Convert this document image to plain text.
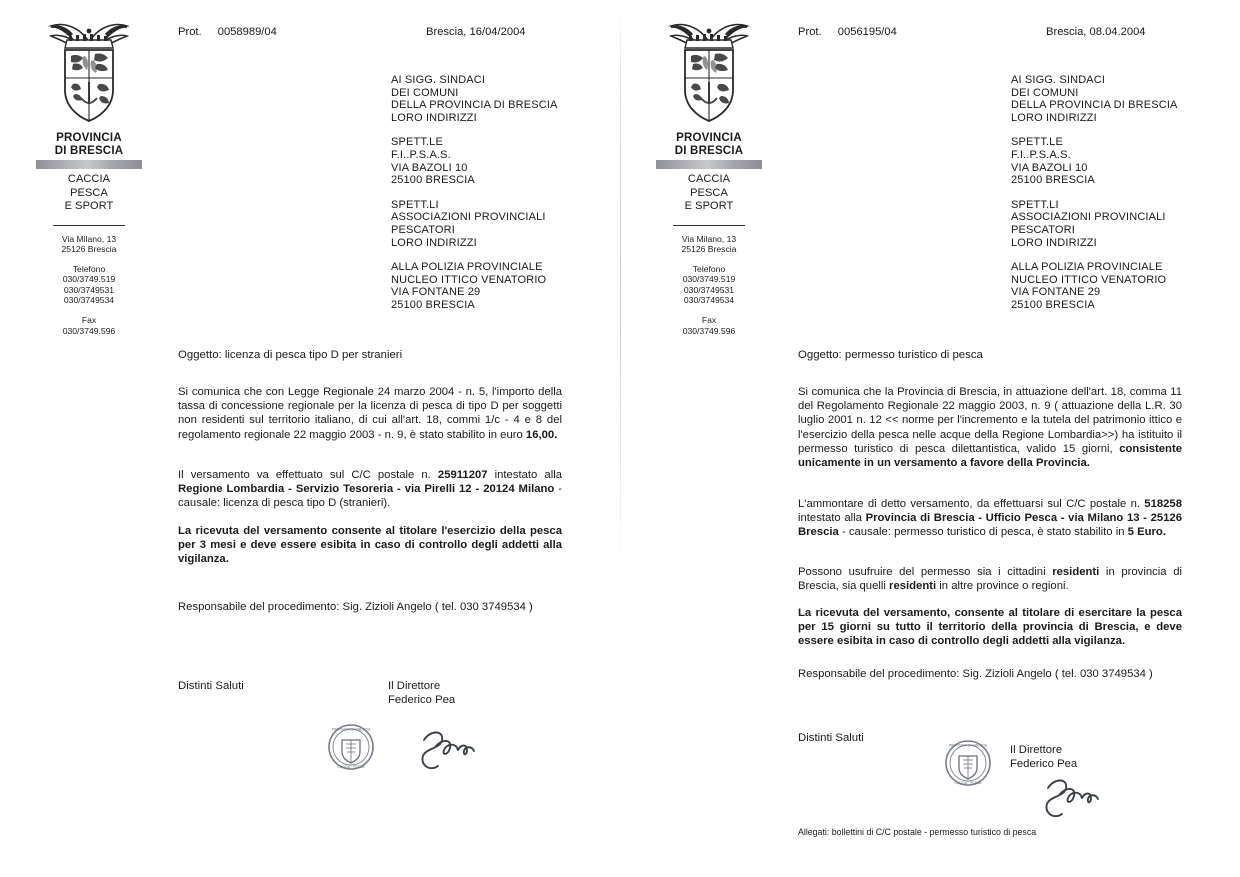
PROVINCIA
DI BRESCIA
CACCIA
PESCA
E SPORT
Via Milano, 13
25126 Brescia
Telefono
030/3749.519
030/3749531
030/3749534
Fax
030/3749.596
Prot. 0058989/04	Brescia, 16/04/2004
AI SIGG. SINDACI
DEI COMUNI
DELLA PROVINCIA DI BRESCIA
LORO INDIRIZZI
SPETT.LE
F.I..P.S.A.S.
VIA BAZOLI 10
25100 BRESCIA
SPETT.LI
ASSOCIAZIONI PROVINCIALI
PESCATORI
LORO INDIRIZZI
ALLA POLIZIA PROVINCIALE
NUCLEO ITTICO VENATORIO
VIA FONTANE 29
25100 BRESCIA
Oggetto: licenza di pesca tipo D per stranieri
Si comunica che con Legge Regionale 24 marzo 2004 - n. 5, l'importo della tassa di concessione regionale per la licenza di pesca di tipo D per soggetti non residenti sul territorio italiano, di cui all'art. 18, commi 1/c - 4 e 8 del regolamento regionale 22 maggio 2003 - n. 9, è stato stabilito in euro 16,00.
Il versamento va effettuato sul C/C postale n. 25911207 intestato alla Regione Lombardia - Servizio Tesoreria - via Pirelli 12 - 20124 Milano - causale: licenza di pesca tipo D (stranieri).
La ricevuta del versamento consente al titolare l'esercizio della pesca per 3 mesi e deve essere esibita in caso di controllo degli addetti alla vigilanza.
Responsabile del procedimento: Sig. Zizioli Angelo ( tel. 030 3749534 )
Distinti Saluti	Il Direttore
Federico Pea
PROVINCIA DI BRESCIA
CACCIA · PESCA
PROVINCIA
DI BRESCIA
CACCIA
PESCA
E SPORT
Via Milano, 13
25126 Brescia
Telefono
030/3749.519
030/3749531
030/3749534
Fax
030/3749.596
Prot. 0056195/04	Brescia, 08.04.2004
AI SIGG. SINDACI
DEI COMUNI
DELLA PROVINCIA DI BRESCIA
LORO INDIRIZZI
SPETT.LE
F.I..P.S.A.S.
VIA BAZOLI 10
25100 BRESCIA
SPETT.LI
ASSOCIAZIONI PROVINCIALI
PESCATORI
LORO INDIRIZZI
ALLA POLIZIA PROVINCIALE
NUCLEO ITTICO VENATORIO
VIA FONTANE 29
25100 BRESCIA
Oggetto: permesso turistico di pesca
Si comunica che la Provincia di Brescia, in attuazione dell'art. 18, comma 11 del Regolamento Regionale 22 maggio 2003, n. 9 ( attuazione della L.R. 30 luglio 2001 n. 12 << norme per l'incremento e la tutela del patrimonio ittico e l'esercizio della pesca nelle acque della Regione Lombardia>>) ha istituito il permesso turistico di pesca dilettantistica, valido 15 giorni, consistente unicamente in un versamento a favore della Provincia.
L'ammontare di detto versamento, da effettuarsi sul C/C postale n. 518258 intestato alla Provincia di Brescia - Ufficio Pesca - via Milano 13 - 25126 Brescia - causale: permesso turistico di pesca, è stato stabilito in 5 Euro.
Possono usufruire del permesso sia i cittadini residenti in provincia di Brescia, sia quelli residenti in altre province o regioni.
La ricevuta del versamento, consente al titolare di esercitare la pesca per 15 giorni su tutto il territorio della provincia di Brescia, e deve essere esibita in caso di controllo degli addetti alla vigilanza.
Responsabile del procedimento: Sig. Zizioli Angelo ( tel. 030 3749534 )
Distinti Saluti
Il Direttore
Federico Pea
PROVINCIA DI BRESCIA
CACCIA · PESCA
Allegati: bollettini di C/C postale - permesso turistico di pesca
